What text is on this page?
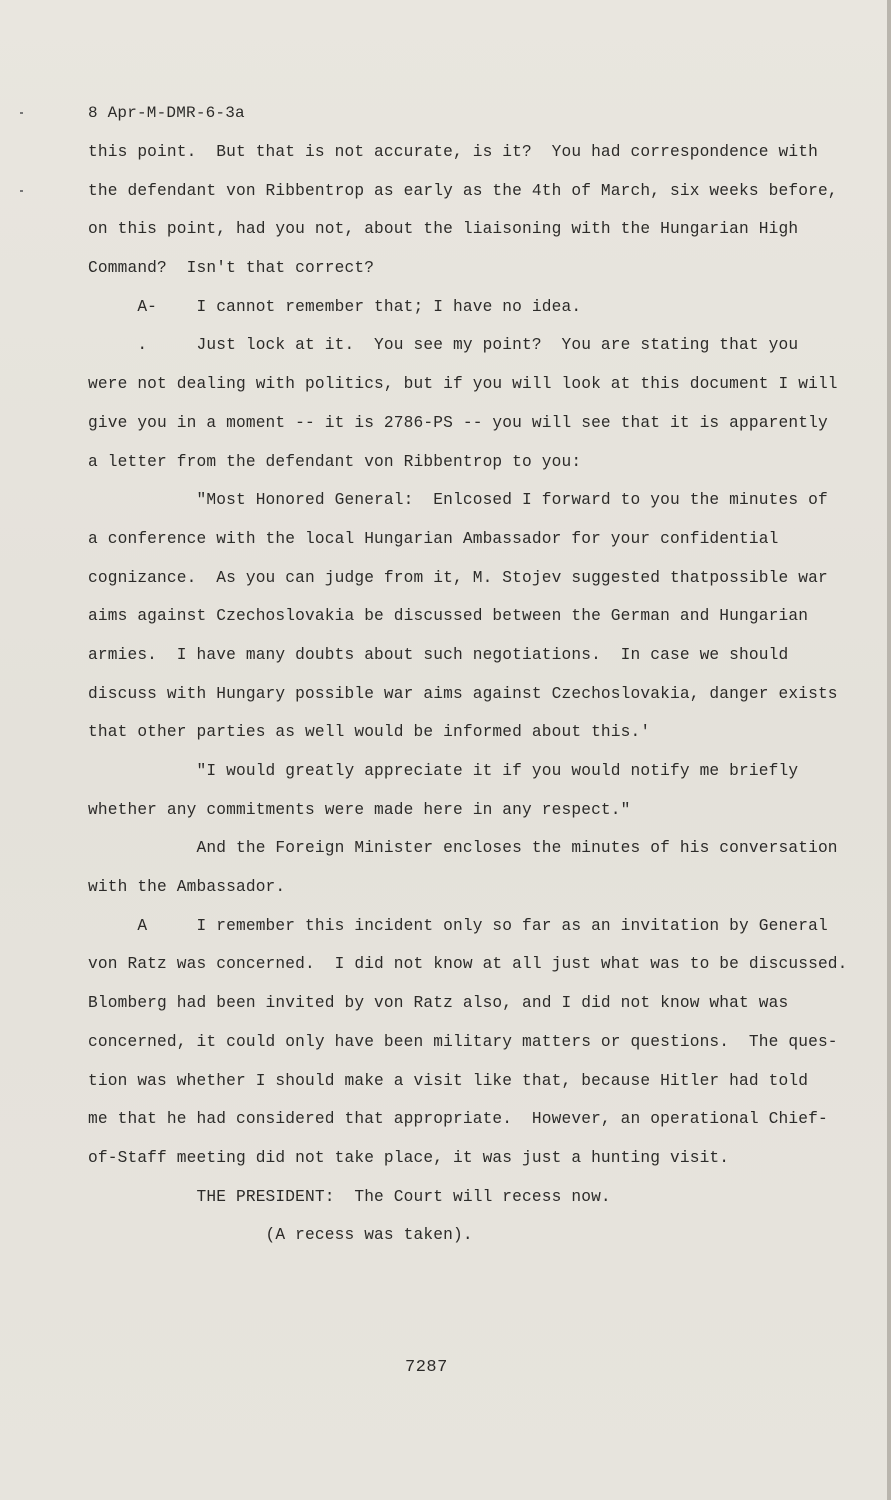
8 Apr-M-DMR-6-3a
this point.  But that is not accurate, is it?  You had correspondence with
the defendant von Ribbentrop as early as the 4th of March, six weeks before,
on this point, had you not, about the liaisoning with the Hungarian High
Command?  Isn't that correct?
A-    I cannot remember that; I have no idea.
.     Just lock at it.  You see my point?  You are stating that you
were not dealing with politics, but if you will look at this document I will
give you in a moment -- it is 2786-PS -- you will see that it is apparently
a letter from the defendant von Ribbentrop to you:
"Most Honored General:  Enlcosed I forward to you the minutes of
a conference with the local Hungarian Ambassador for your confidential
cognizance.  As you can judge from it, M. Stojev suggested thatpossible war
aims against Czechoslovakia be discussed between the German and Hungarian
armies.  I have many doubts about such negotiations.  In case we should
discuss with Hungary possible war aims against Czechoslovakia, danger exists
that other parties as well would be informed about this.'
"I would greatly appreciate it if you would notify me briefly
whether any commitments were made here in any respect."
And the Foreign Minister encloses the minutes of his conversation
with the Ambassador.
A     I remember this incident only so far as an invitation by General
von Ratz was concerned.  I did not know at all just what was to be discussed.
Blomberg had been invited by von Ratz also, and I did not know what was
concerned, it could only have been military matters or questions.  The ques-
tion was whether I should make a visit like that, because Hitler had told
me that he had considered that appropriate.  However, an operational Chief-
of-Staff meeting did not take place, it was just a hunting visit.
THE PRESIDENT:  The Court will recess now.
(A recess was taken).
7287
